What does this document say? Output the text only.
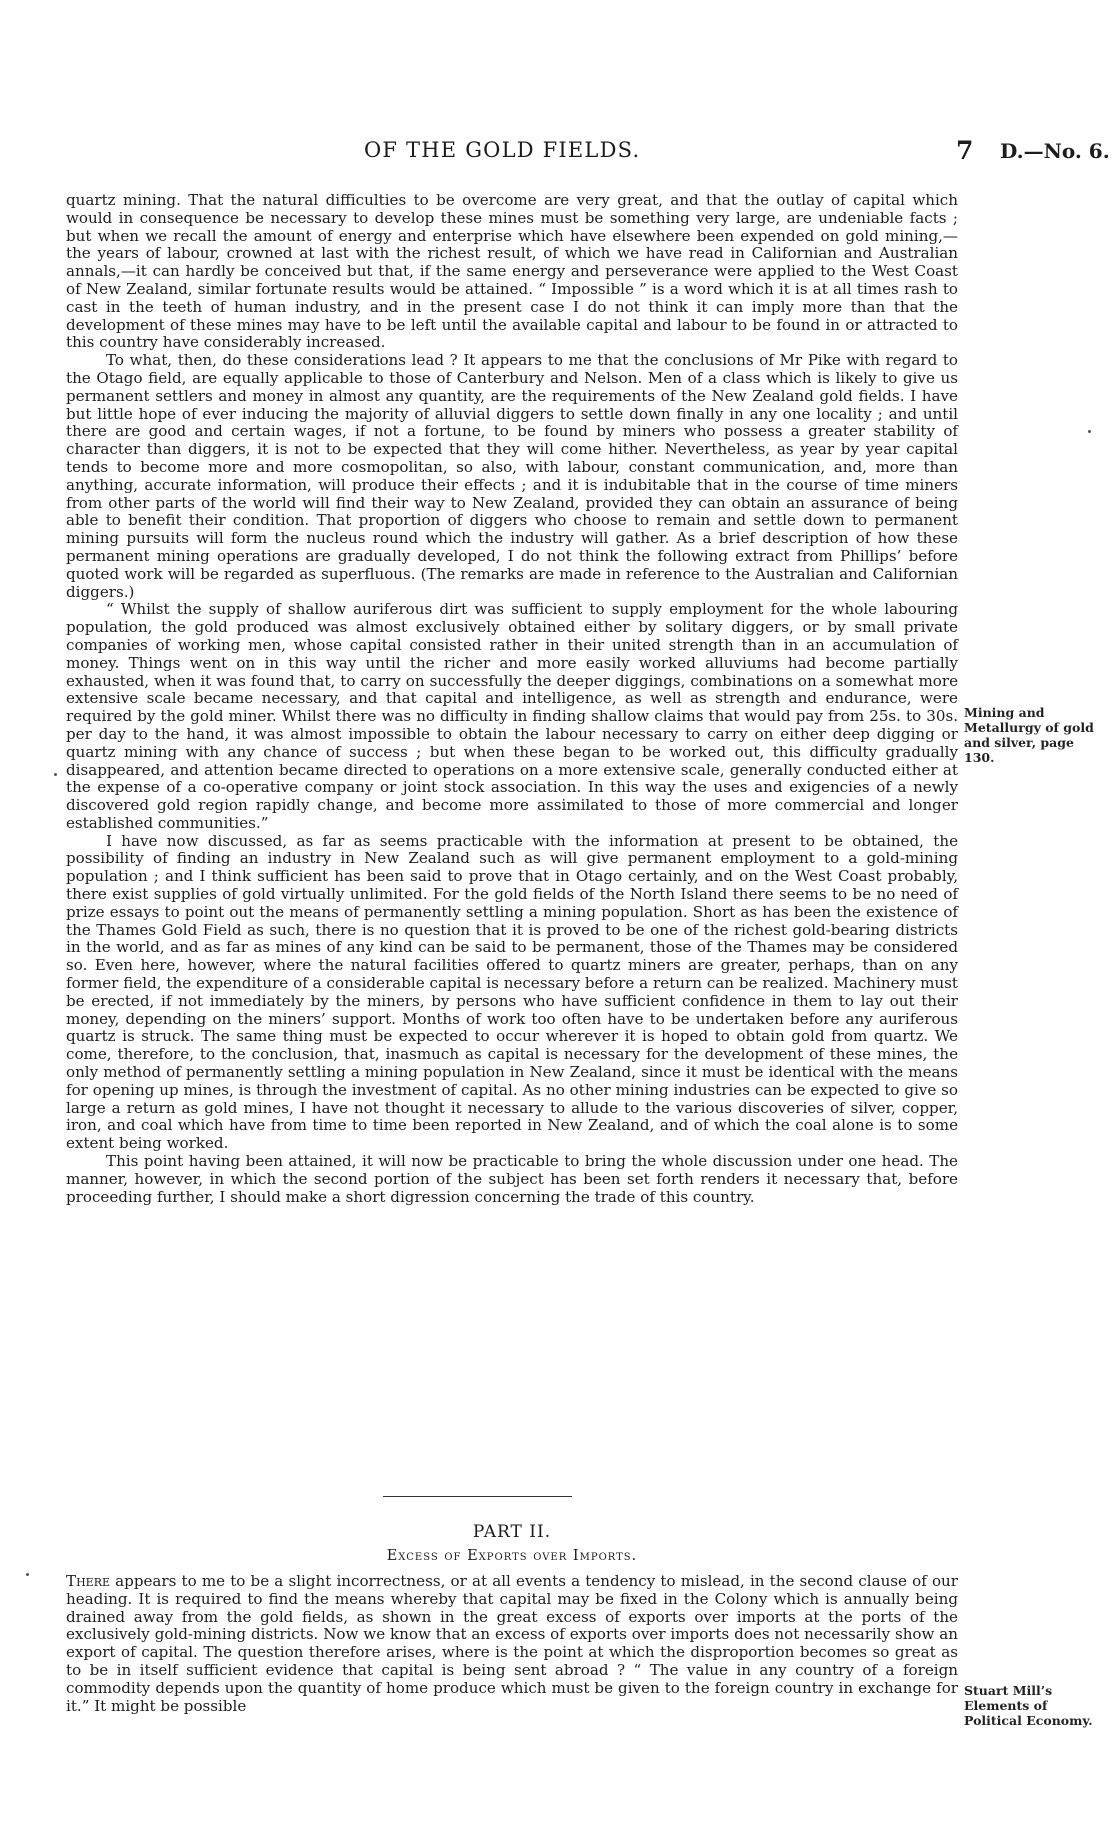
OF THE GOLD FIELDS.	7 D.—No. 6.

quartz mining. That the natural difficulties to be overcome are very great, and that the outlay of capital which would in consequence be necessary to develop these mines must be something very large, are undeniable facts ; but when we recall the amount of energy and enterprise which have elsewhere been expended on gold mining,—the years of labour, crowned at last with the richest result, of which we have read in Californian and Australian annals,—it can hardly be conceived but that, if the same energy and perseverance were applied to the West Coast of New Zealand, similar fortunate results would be attained. “ Impossible ” is a word which it is at all times rash to cast in the teeth of human industry, and in the present case I do not think it can imply more than that the development of these mines may have to be left until the available capital and labour to be found in or attracted to this country have considerably increased.

To what, then, do these considerations lead ? It appears to me that the conclusions of Mr Pike with regard to the Otago field, are equally applicable to those of Canterbury and Nelson. Men of a class which is likely to give us permanent settlers and money in almost any quantity, are the requirements of the New Zealand gold fields. I have but little hope of ever inducing the majority of alluvial diggers to settle down finally in any one locality ; and until there are good and certain wages, if not a fortune, to be found by miners who possess a greater stability of character than diggers, it is not to be expected that they will come hither. Nevertheless, as year by year capital tends to become more and more cosmopolitan, so also, with labour, constant communication, and, more than anything, accurate information, will produce their effects ; and it is indubitable that in the course of time miners from other parts of the world will find their way to New Zealand, provided they can obtain an assurance of being able to benefit their condition. That proportion of diggers who choose to remain and settle down to permanent mining pursuits will form the nucleus round which the industry will gather. As a brief description of how these permanent mining operations are gradually developed, I do not think the following extract from Phillips’ before quoted work will be regarded as superfluous. (The remarks are made in reference to the Australian and Californian diggers.)

“ Whilst the supply of shallow auriferous dirt was sufficient to supply employment for the whole labouring population, the gold produced was almost exclusively obtained either by solitary diggers, or by small private companies of working men, whose capital consisted rather in their united strength than in an accumulation of money. Things went on in this way until the richer and more easily worked alluviums had become partially exhausted, when it was found that, to carry on successfully the deeper diggings, combinations on a somewhat more extensive scale became necessary, and that capital and intelligence, as well as strength and endurance, were required by the gold miner. Whilst there was no difficulty in finding shallow claims that would pay from 25s. to 30s. per day to the hand, it was almost impossible to obtain the labour necessary to carry on either deep digging or quartz mining with any chance of success ; but when these began to be worked out, this difficulty gradually disappeared, and attention became directed to operations on a more extensive scale, generally conducted either at the expense of a co-operative company or joint stock association. In this way the uses and exigencies of a newly discovered gold region rapidly change, and become more assimilated to those of more commercial and longer established communities.”

I have now discussed, as far as seems practicable with the information at present to be obtained, the possibility of finding an industry in New Zealand such as will give permanent employment to a gold-mining population ; and I think sufficient has been said to prove that in Otago certainly, and on the West Coast probably, there exist supplies of gold virtually unlimited. For the gold fields of the North Island there seems to be no need of prize essays to point out the means of permanently settling a mining population. Short as has been the existence of the Thames Gold Field as such, there is no question that it is proved to be one of the richest gold-bearing districts in the world, and as far as mines of any kind can be said to be permanent, those of the Thames may be considered so. Even here, however, where the natural facilities offered to quartz miners are greater, perhaps, than on any former field, the expenditure of a considerable capital is necessary before a return can be realized. Machinery must be erected, if not immediately by the miners, by persons who have sufficient confidence in them to lay out their money, depending on the miners’ support. Months of work too often have to be undertaken before any auriferous quartz is struck. The same thing must be expected to occur wherever it is hoped to obtain gold from quartz. We come, therefore, to the conclusion, that, inasmuch as capital is necessary for the development of these mines, the only method of permanently settling a mining population in New Zealand, since it must be identical with the means for opening up mines, is through the investment of capital. As no other mining industries can be expected to give so large a return as gold mines, I have not thought it necessary to allude to the various discoveries of silver, copper, iron, and coal which have from time to time been reported in New Zealand, and of which the coal alone is to some extent being worked.

This point having been attained, it will now be practicable to bring the whole discussion under one head. The manner, however, in which the second portion of the subject has been set forth renders it necessary that, before proceeding further, I should make a short digression concerning the trade of this country.

Mining and Metallurgy of gold and silver, page 130.
PART II.
Excess of Exports over Imports.

There appears to me to be a slight incorrectness, or at all events a tendency to mislead, in the second clause of our heading. It is required to find the means whereby that capital may be fixed in the Colony which is annually being drained away from the gold fields, as shown in the great excess of exports over imports at the ports of the exclusively gold-mining districts. Now we know that an excess of exports over imports does not necessarily show an export of capital. The question therefore arises, where is the point at which the disproportion becomes so great as to be in itself sufficient evidence that capital is being sent abroad ? “ The value in any country of a foreign commodity depends upon the quantity of home produce which must be given to the foreign country in exchange for it.” It might be possible

Stuart Mill’s Elements of Political Economy.
